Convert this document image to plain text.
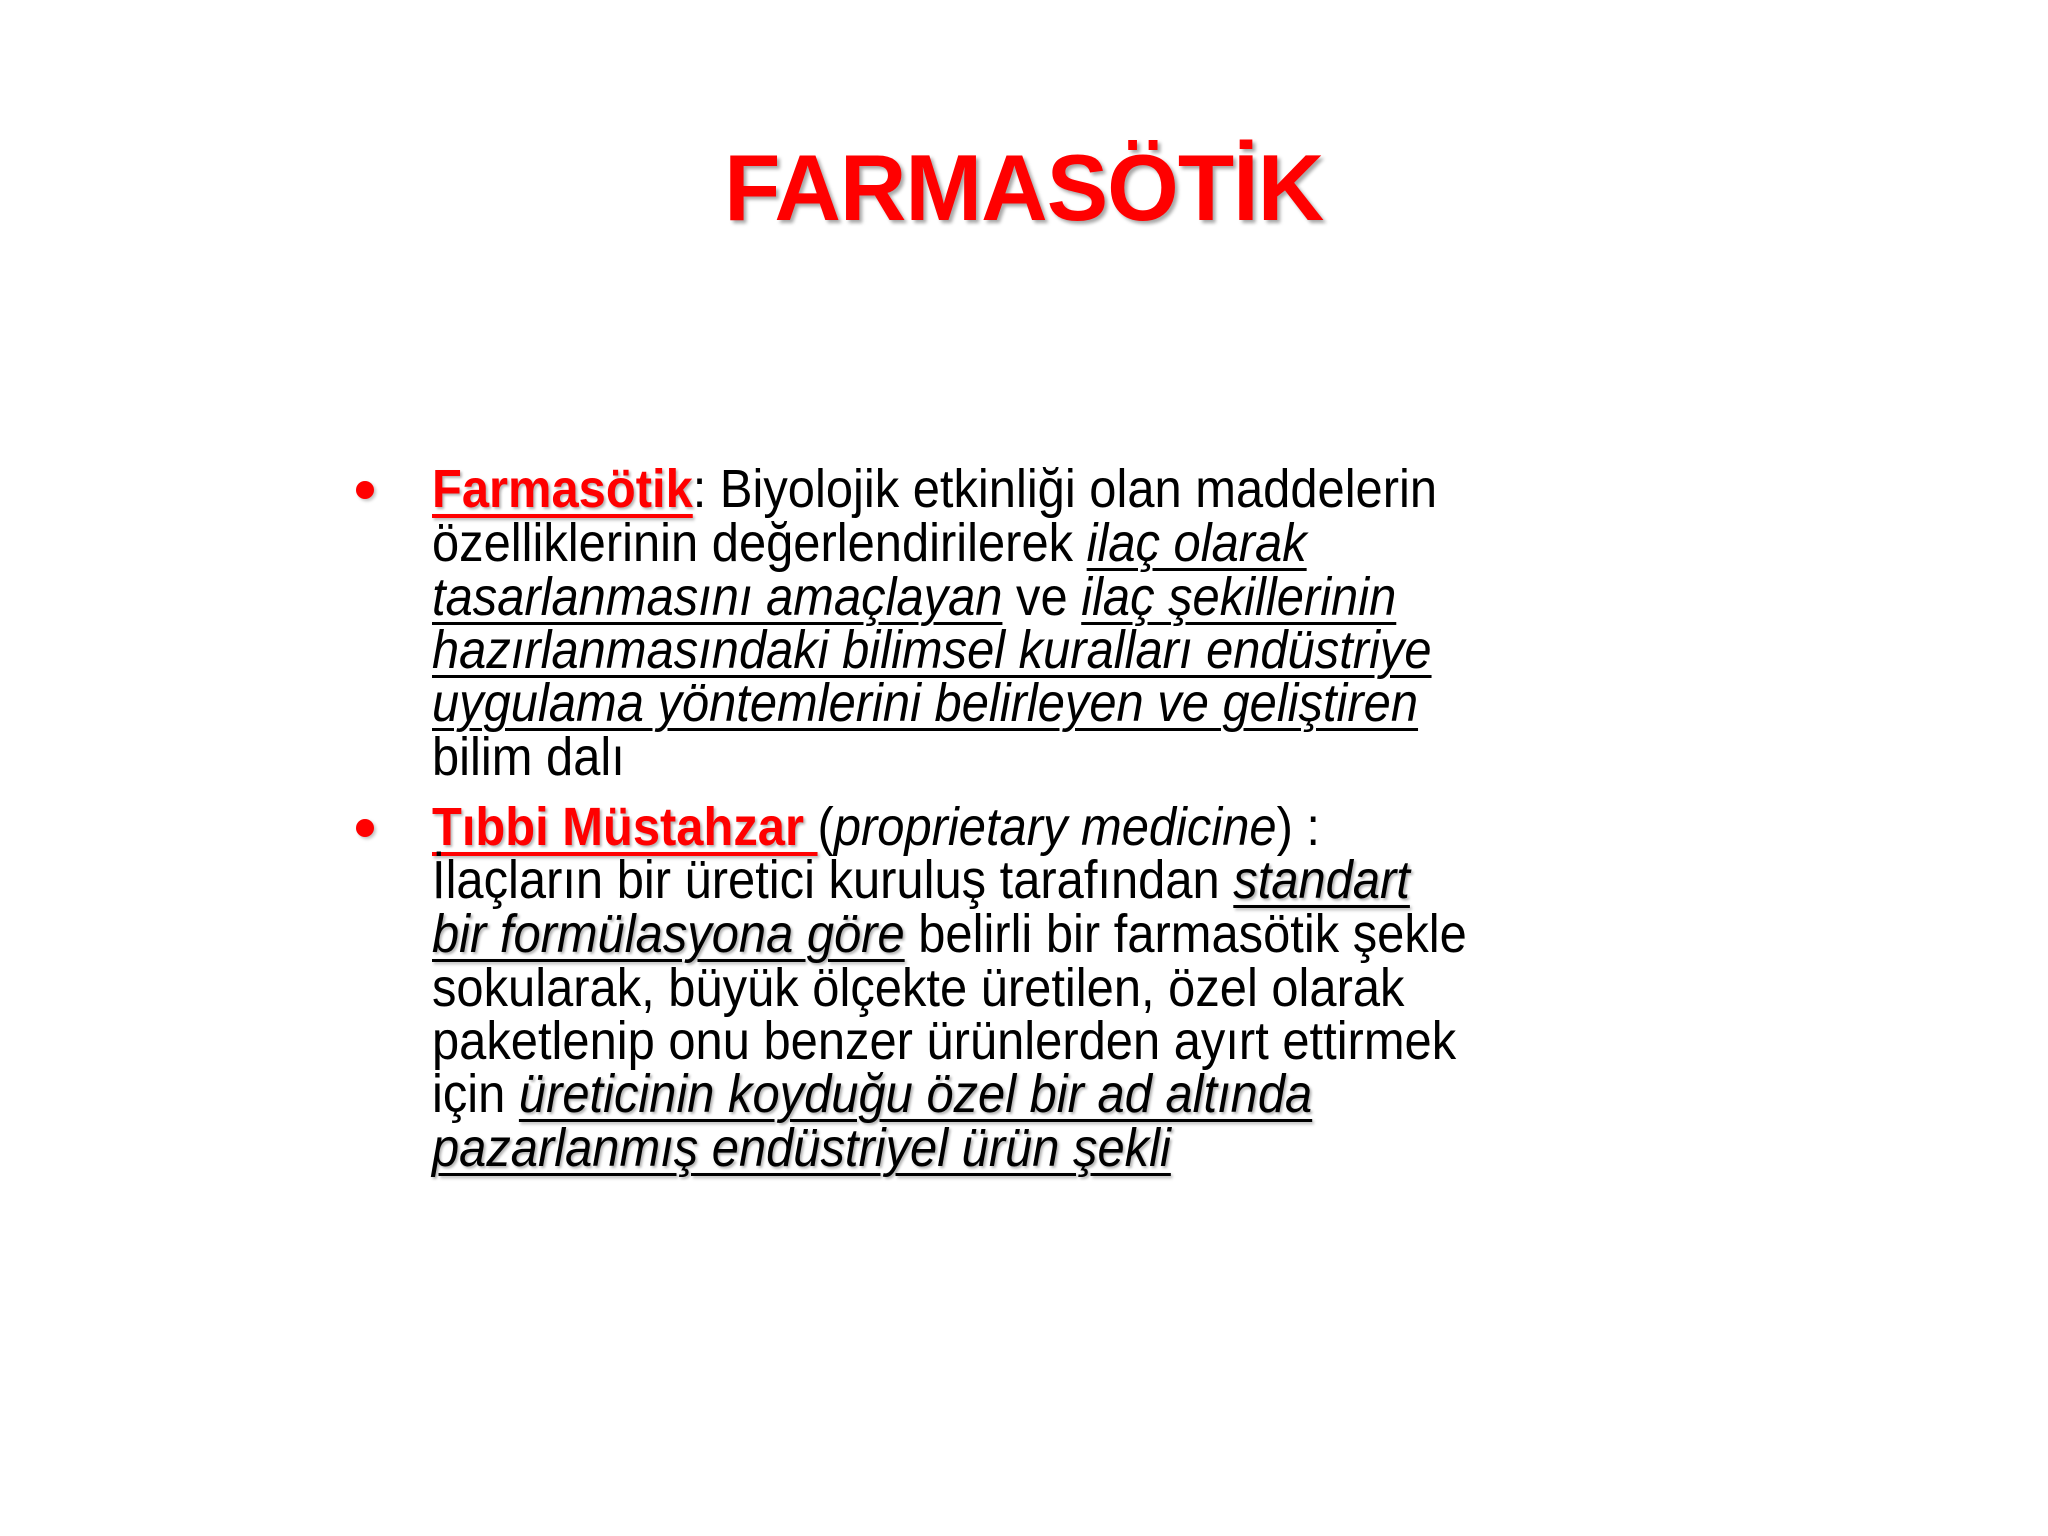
FARMASÖTİK
Farmasötik: Biyolojik etkinliği olan maddelerin
özelliklerinin değerlendirilerek ilaç olarak
tasarlanmasını amaçlayan ve ilaç şekillerinin
hazırlanmasındaki bilimsel kuralları endüstriye
uygulama yöntemlerini belirleyen ve geliştiren
bilim dalı
Tıbbi Müstahzar (proprietary medicine) :
İlaçların bir üretici kuruluş tarafından standart
bir formülasyona göre belirli bir farmasötik şekle
sokularak, büyük ölçekte üretilen, özel olarak
paketlenip onu benzer ürünlerden ayırt ettirmek
için üreticinin koyduğu özel bir ad altında
pazarlanmış endüstriyel ürün şekli
